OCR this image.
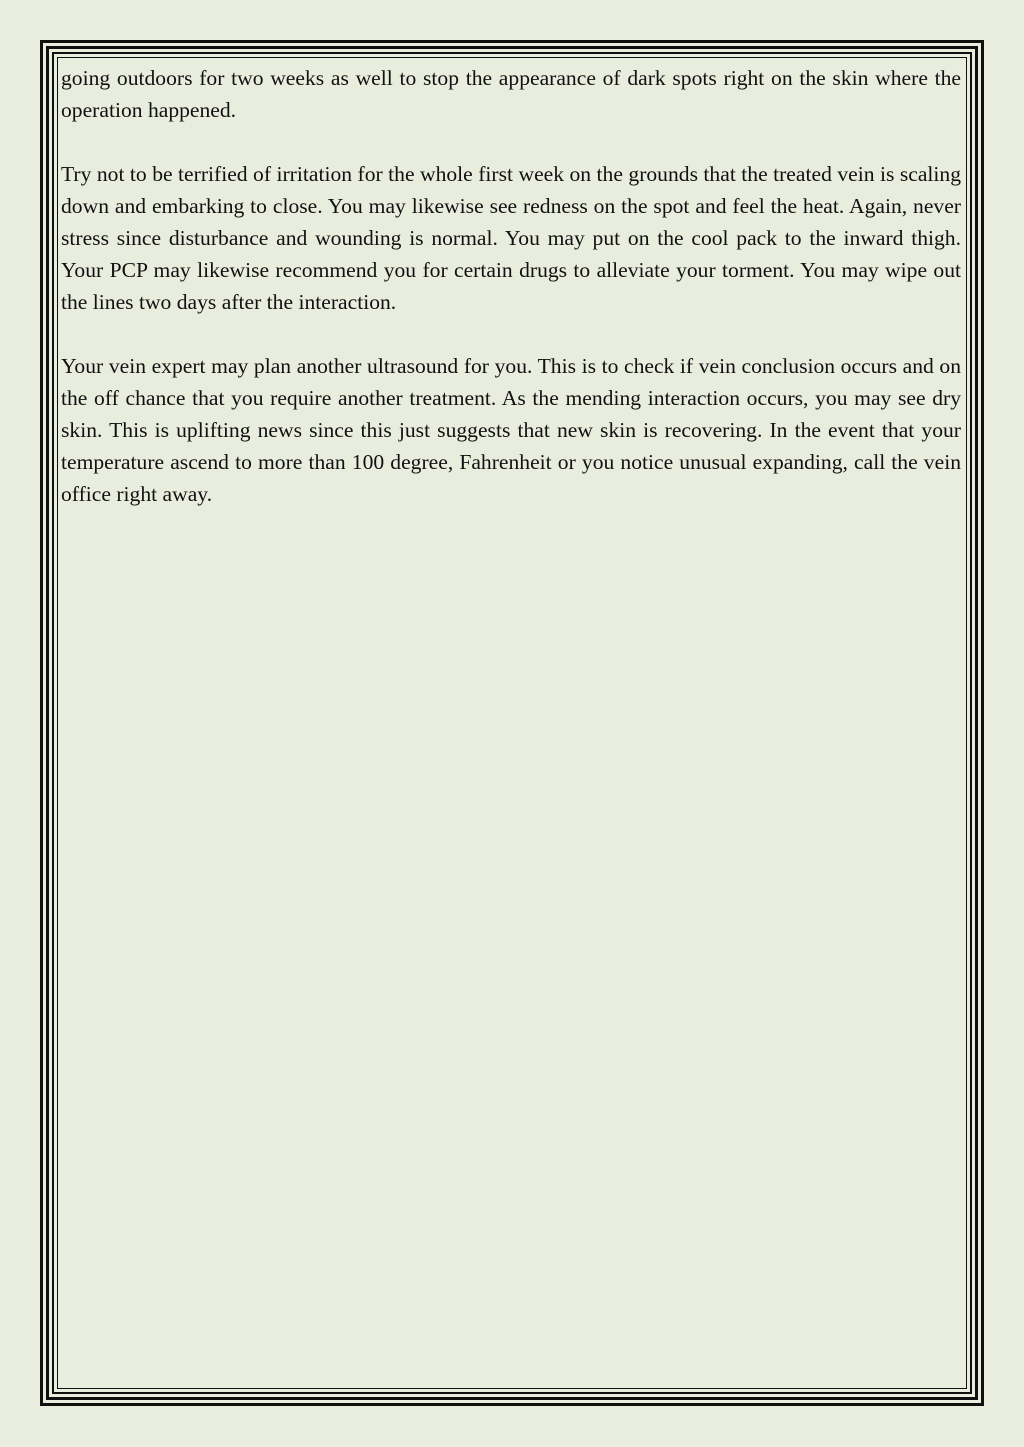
going outdoors for two weeks as well to stop the appearance of dark spots right on the skin where the operation happened.

Try not to be terrified of irritation for the whole first week on the grounds that the treated vein is scaling down and embarking to close. You may likewise see redness on the spot and feel the heat. Again, never stress since disturbance and wounding is normal. You may put on the cool pack to the inward thigh. Your PCP may likewise recommend you for certain drugs to alleviate your torment. You may wipe out the lines two days after the interaction.

Your vein expert may plan another ultrasound for you. This is to check if vein conclusion occurs and on the off chance that you require another treatment. As the mending interaction occurs, you may see dry skin. This is uplifting news since this just suggests that new skin is recovering. In the event that your temperature ascend to more than 100 degree, Fahrenheit or you notice unusual expanding, call the vein office right away.
